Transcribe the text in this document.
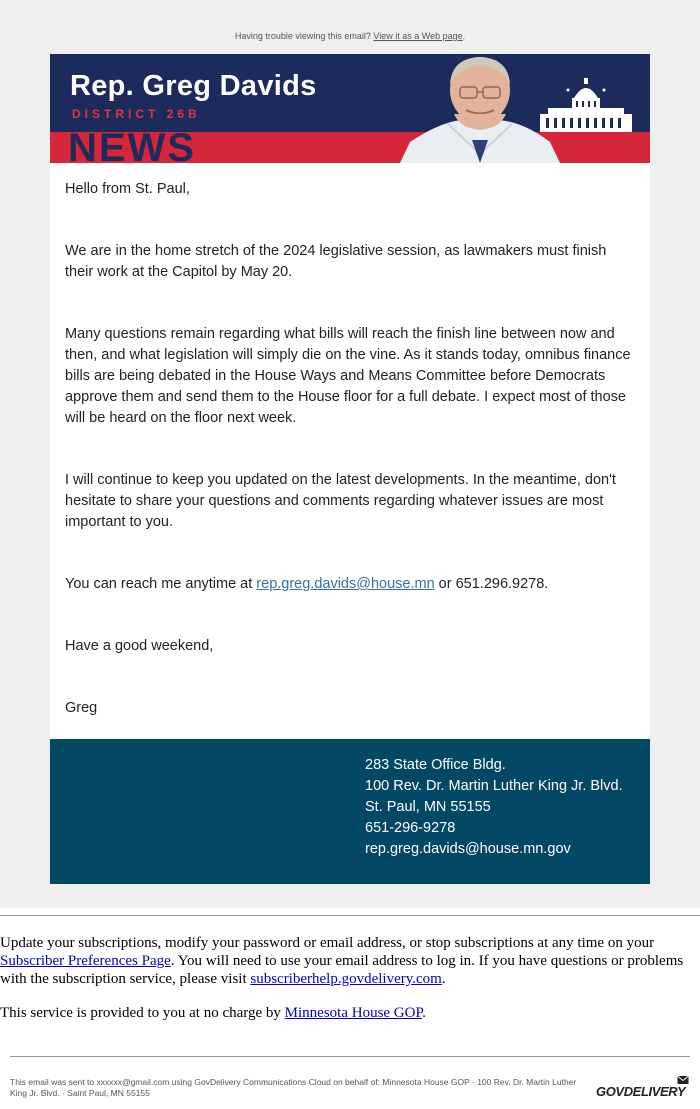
Having trouble viewing this email? View it as a Web page.
Rep. Greg Davids
DISTRICT 26B
NEWS

Hello from St. Paul,

We are in the home stretch of the 2024 legislative session, as lawmakers must finish their work at the Capitol by May 20.

Many questions remain regarding what bills will reach the finish line between now and then, and what legislation will simply die on the vine. As it stands today, omnibus finance bills are being debated in the House Ways and Means Committee before Democrats approve them and send them to the House floor for a full debate. I expect most of those will be heard on the floor next week.

I will continue to keep you updated on the latest developments. In the meantime, don't hesitate to share your questions and comments regarding whatever issues are most important to you.

You can reach me anytime at rep.greg.davids@house.mn or 651.296.9278.

Have a good weekend,

Greg

283 State Office Bldg.
100 Rev. Dr. Martin Luther King Jr. Blvd.
St. Paul, MN 55155
651-296-9278
rep.greg.davids@house.mn.gov

Update your subscriptions, modify your password or email address, or stop subscriptions at any time on your Subscriber Preferences Page. You will need to use your email address to log in. If you have questions or problems with the subscription service, please visit subscriberhelp.govdelivery.com.

This service is provided to you at no charge by Minnesota House GOP.

This email was sent to xxxxxx@gmail.com using GovDelivery Communications Cloud on behalf of: Minnesota House GOP · 100 Rev. Dr. Martin Luther King Jr. Blvd. · Saint Paul, MN 55155	GOVDELIVERY
